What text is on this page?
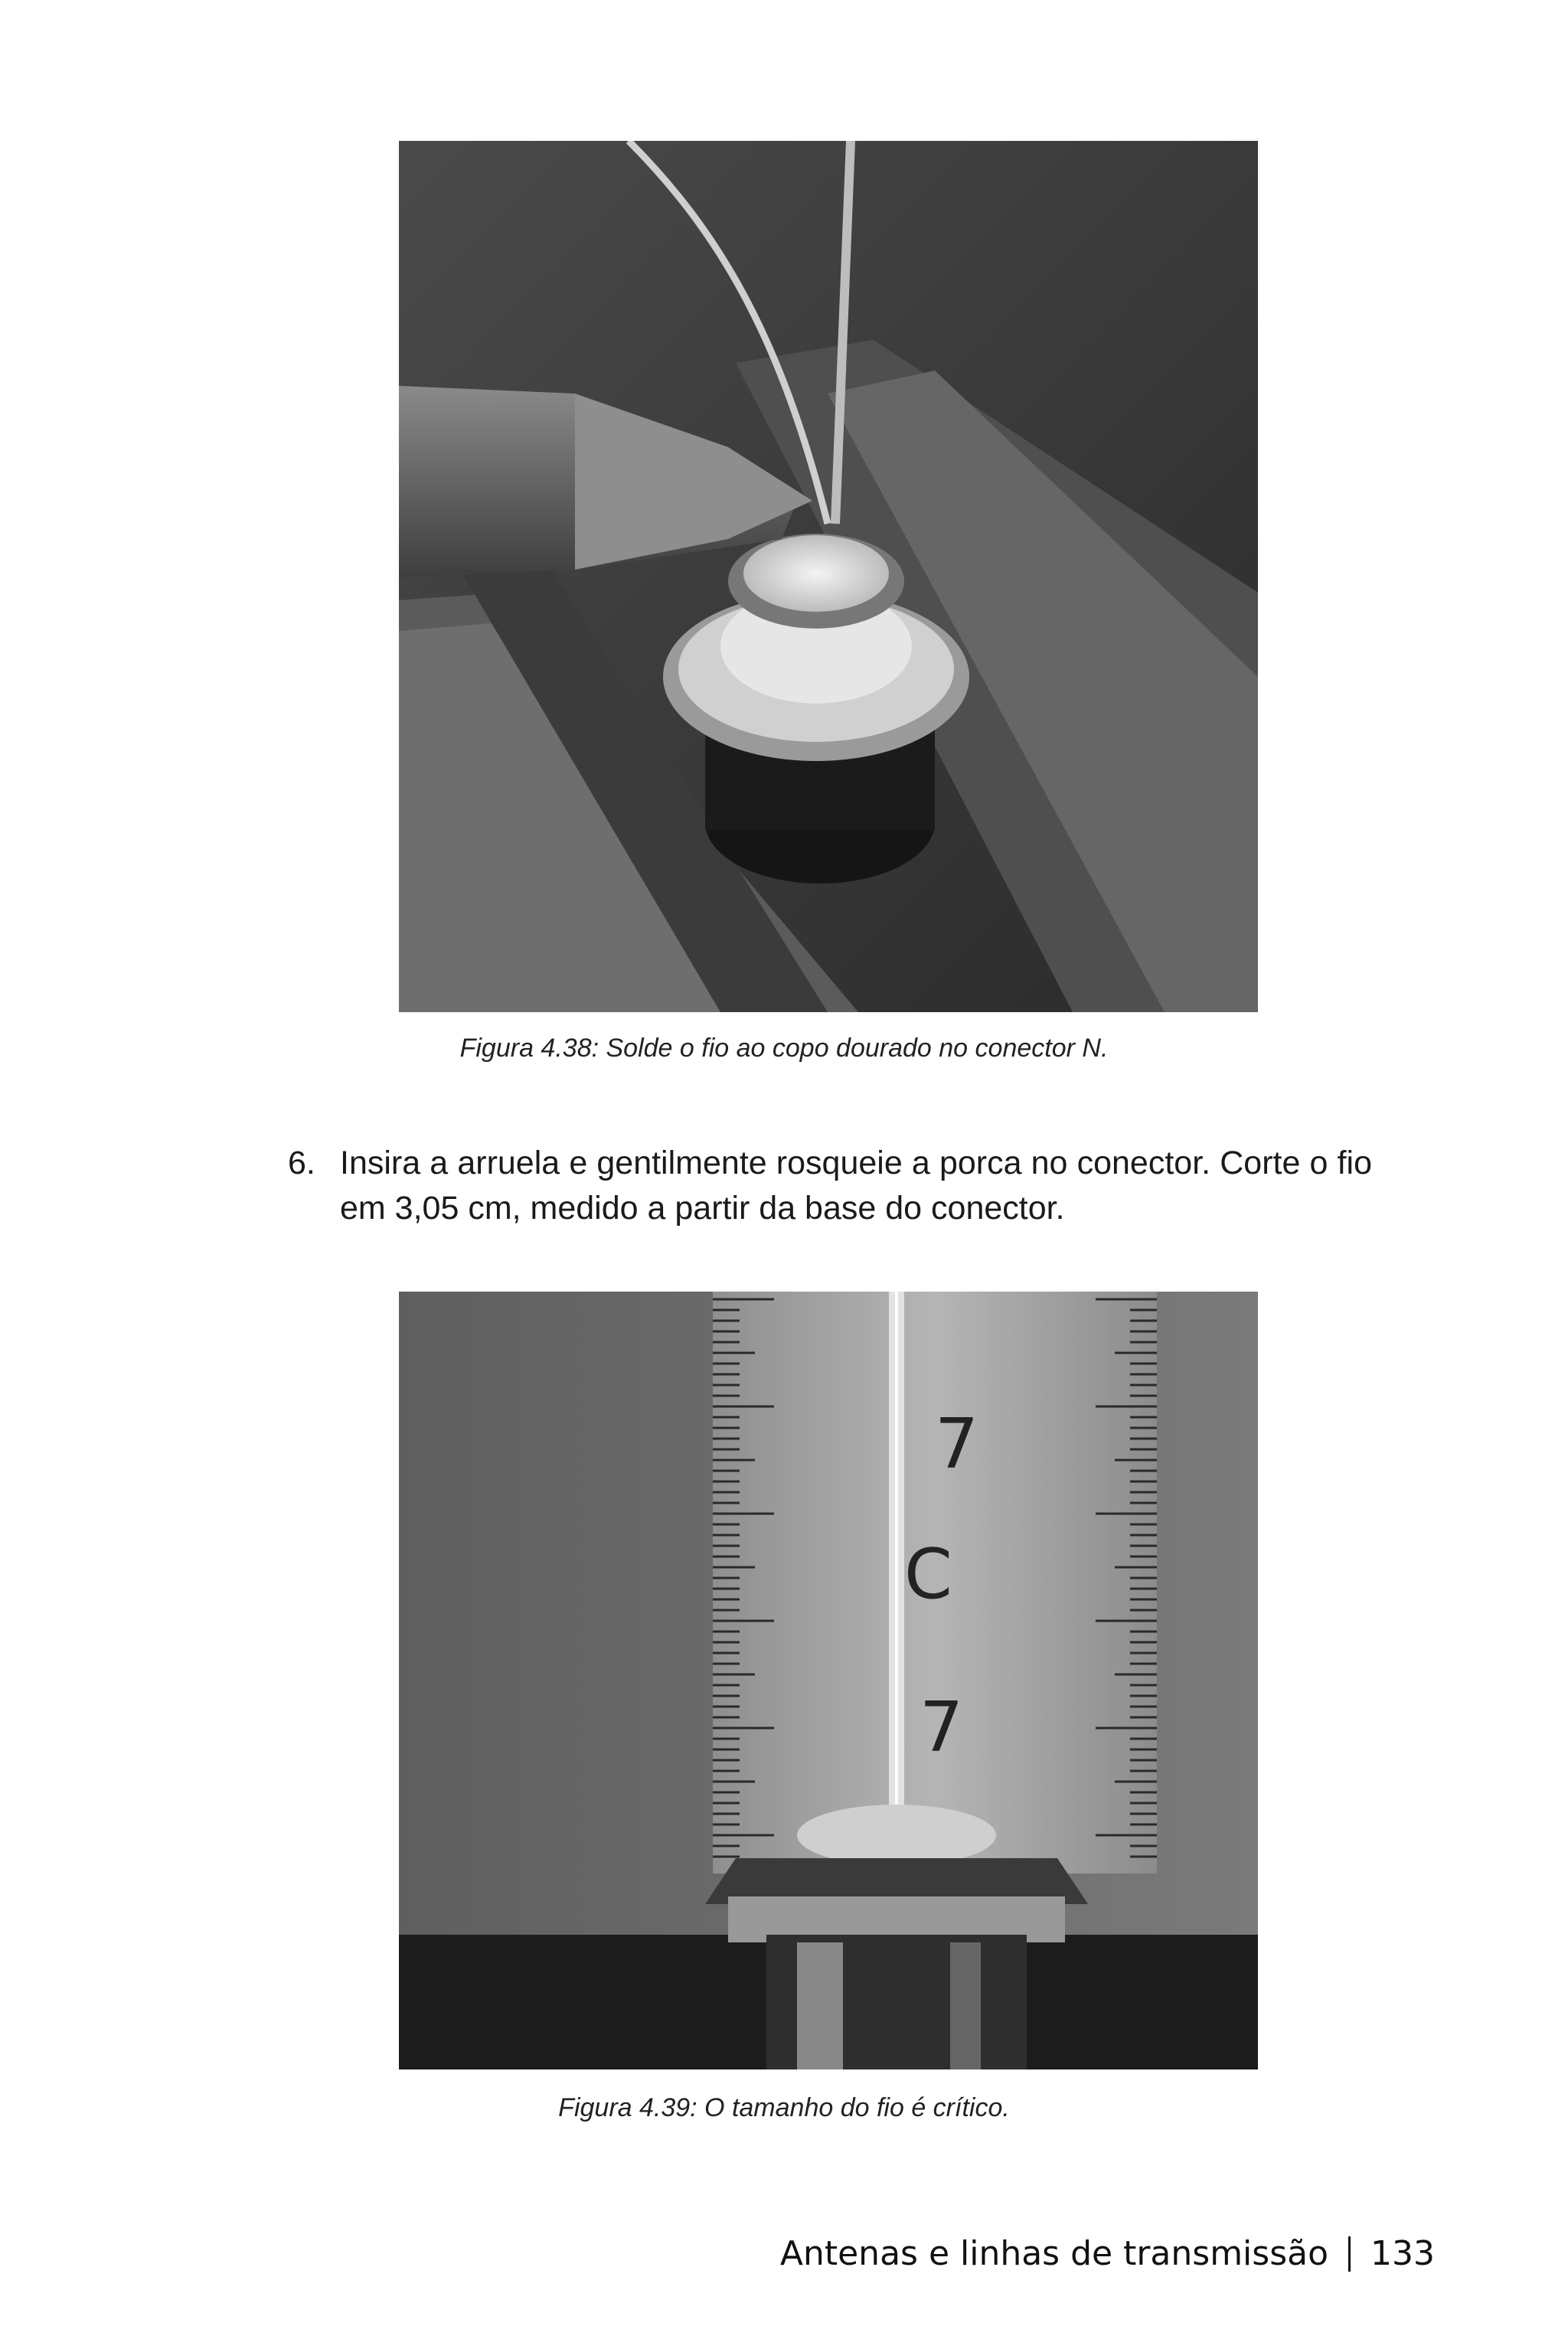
Figura 4.38: Solde o fio ao copo dourado no conector N.
6. Insira a arruela e gentilmente rosqueie a porca no conector. Corte o fio em 3,05 cm, medido a partir da base do conector.
7
C
7
Figura 4.39: O tamanho do fio é crítico.
Antenas e linhas de transmissão 133
